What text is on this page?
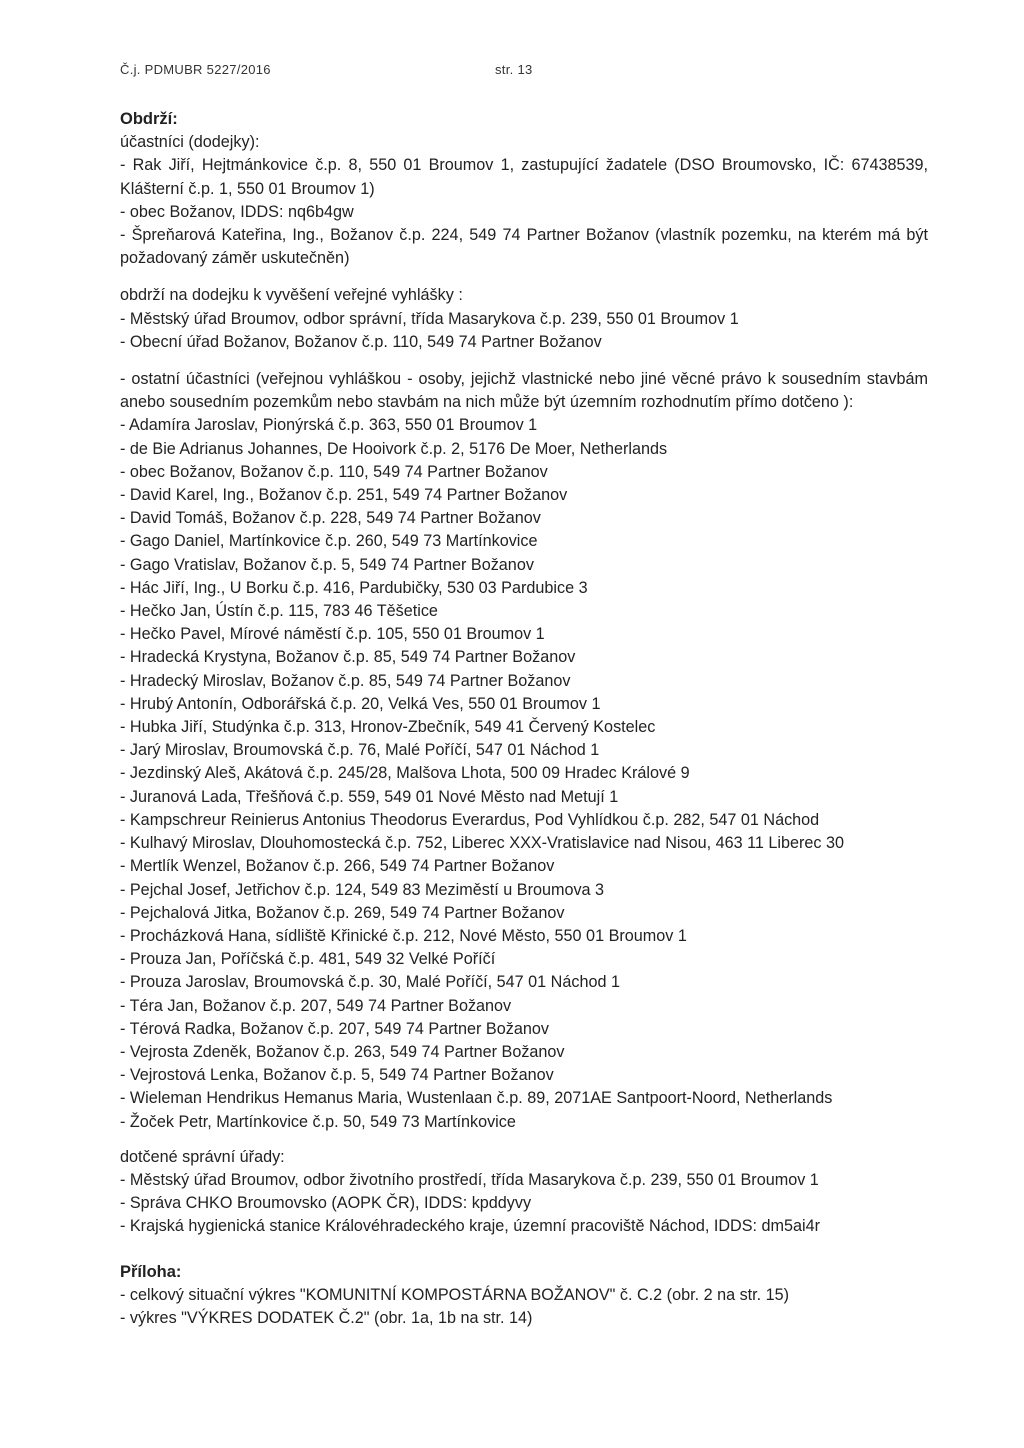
Č.j. PDMUBR 5227/2016	str. 13

Obdrží:

účastníci (dodejky):

- Rak Jiří, Hejtmánkovice č.p. 8, 550 01 Broumov 1, zastupující žadatele (DSO Broumovsko, IČ: 67438539, Klášterní č.p. 1, 550 01 Broumov 1)

- obec Božanov, IDDS: nq6b4gw

- Špreňarová Kateřina, Ing., Božanov č.p. 224, 549 74 Partner Božanov (vlastník pozemku, na kterém má být požadovaný záměr uskutečněn)

obdrží na dodejku k vyvěšení veřejné vyhlášky :

- Městský úřad Broumov, odbor správní, třída Masarykova č.p. 239, 550 01 Broumov 1
- Obecní úřad Božanov, Božanov č.p. 110, 549 74 Partner Božanov

- ostatní účastníci (veřejnou vyhláškou - osoby, jejichž vlastnické nebo jiné věcné právo k sousedním stavbám anebo sousedním pozemkům nebo stavbám na nich může být územním rozhodnutím přímo dotčeno ):

- Adamíra Jaroslav, Pionýrská č.p. 363, 550 01 Broumov 1
- de Bie Adrianus Johannes, De Hooivork č.p. 2, 5176 De Moer, Netherlands
- obec Božanov, Božanov č.p. 110, 549 74 Partner Božanov
- David Karel, Ing., Božanov č.p. 251, 549 74 Partner Božanov
- David Tomáš, Božanov č.p. 228, 549 74 Partner Božanov
- Gago Daniel, Martínkovice č.p. 260, 549 73 Martínkovice
- Gago Vratislav, Božanov č.p. 5, 549 74 Partner Božanov
- Hác Jiří, Ing., U Borku č.p. 416, Pardubičky, 530 03 Pardubice 3
- Hečko Jan, Ústín č.p. 115, 783 46 Těšetice
- Hečko Pavel, Mírové náměstí č.p. 105, 550 01 Broumov 1
- Hradecká Krystyna, Božanov č.p. 85, 549 74 Partner Božanov
- Hradecký Miroslav, Božanov č.p. 85, 549 74 Partner Božanov
- Hrubý Antonín, Odborářská č.p. 20, Velká Ves, 550 01 Broumov 1
- Hubka Jiří, Studýnka č.p. 313, Hronov-Zbečník, 549 41 Červený Kostelec
- Jarý Miroslav, Broumovská č.p. 76, Malé Poříčí, 547 01 Náchod 1
- Jezdinský Aleš, Akátová č.p. 245/28, Malšova Lhota, 500 09 Hradec Králové 9
- Juranová Lada, Třešňová č.p. 559, 549 01 Nové Město nad Metují 1
- Kampschreur Reinierus Antonius Theodorus Everardus, Pod Vyhlídkou č.p. 282, 547 01 Náchod
- Kulhavý Miroslav, Dlouhomostecká č.p. 752, Liberec XXX-Vratislavice nad Nisou, 463 11 Liberec 30
- Mertlík Wenzel, Božanov č.p. 266, 549 74 Partner Božanov
- Pejchal Josef, Jetřichov č.p. 124, 549 83 Meziměstí u Broumova 3
- Pejchalová Jitka, Božanov č.p. 269, 549 74 Partner Božanov
- Procházková Hana, sídliště Křinické č.p. 212, Nové Město, 550 01 Broumov 1
- Prouza Jan, Poříčská č.p. 481, 549 32 Velké Poříčí
- Prouza Jaroslav, Broumovská č.p. 30, Malé Poříčí, 547 01 Náchod 1
- Téra Jan, Božanov č.p. 207, 549 74 Partner Božanov
- Térová Radka, Božanov č.p. 207, 549 74 Partner Božanov
- Vejrosta Zdeněk, Božanov č.p. 263, 549 74 Partner Božanov
- Vejrostová Lenka, Božanov č.p. 5, 549 74 Partner Božanov
- Wieleman Hendrikus Hemanus Maria, Wustenlaan č.p. 89, 2071AE Santpoort-Noord, Netherlands
- Žoček Petr, Martínkovice č.p. 50, 549 73 Martínkovice

dotčené správní úřady:

- Městský úřad Broumov, odbor životního prostředí, třída Masarykova č.p. 239, 550 01 Broumov 1
- Správa CHKO Broumovsko (AOPK ČR), IDDS: kpddyvy
- Krajská hygienická stanice Královéhradeckého kraje, územní pracoviště Náchod, IDDS: dm5ai4r

Příloha:

- celkový situační výkres "KOMUNITNÍ KOMPOSTÁRNA BOŽANOV" č. C.2 (obr. 2 na str. 15)
- výkres "VÝKRES DODATEK Č.2" (obr. 1a, 1b na str. 14)
